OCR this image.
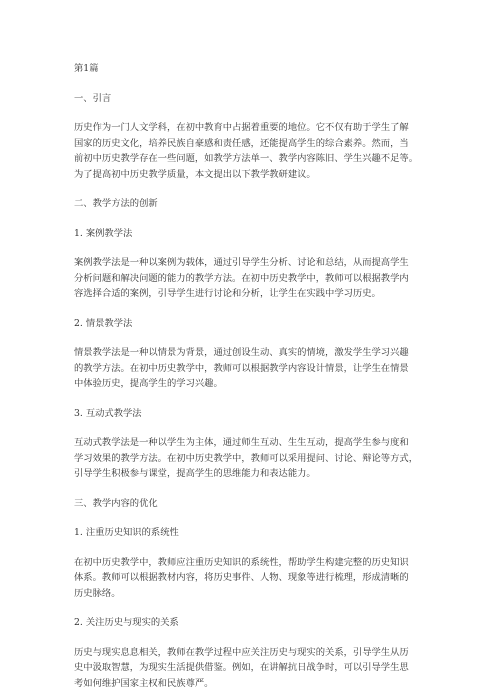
第1篇
一、引言
历史作为一门人文学科，在初中教育中占据着重要的地位。它不仅有助于学生了解
国家的历史文化，培养民族自豪感和责任感，还能提高学生的综合素养。然而，当
前初中历史教学存在一些问题，如教学方法单一、教学内容陈旧、学生兴趣不足等。
为了提高初中历史教学质量，本文提出以下教学教研建议。
二、教学方法的创新
1. 案例教学法
案例教学法是一种以案例为载体，通过引导学生分析、讨论和总结，从而提高学生
分析问题和解决问题的能力的教学方法。在初中历史教学中，教师可以根据教学内
容选择合适的案例，引导学生进行讨论和分析，让学生在实践中学习历史。
2. 情景教学法
情景教学法是一种以情景为背景，通过创设生动、真实的情境，激发学生学习兴趣
的教学方法。在初中历史教学中，教师可以根据教学内容设计情景，让学生在情景
中体验历史，提高学生的学习兴趣。
3. 互动式教学法
互动式教学法是一种以学生为主体，通过师生互动、生生互动，提高学生参与度和
学习效果的教学方法。在初中历史教学中，教师可以采用提问、讨论、辩论等方式，
引导学生积极参与课堂，提高学生的思维能力和表达能力。
三、教学内容的优化
1. 注重历史知识的系统性
在初中历史教学中，教师应注重历史知识的系统性，帮助学生构建完整的历史知识
体系。教师可以根据教材内容，将历史事件、人物、现象等进行梳理，形成清晰的
历史脉络。
2. 关注历史与现实的关系
历史与现实息息相关，教师在教学过程中应关注历史与现实的关系，引导学生从历
史中汲取智慧，为现实生活提供借鉴。例如，在讲解抗日战争时，可以引导学生思
考如何维护国家主权和民族尊严。
